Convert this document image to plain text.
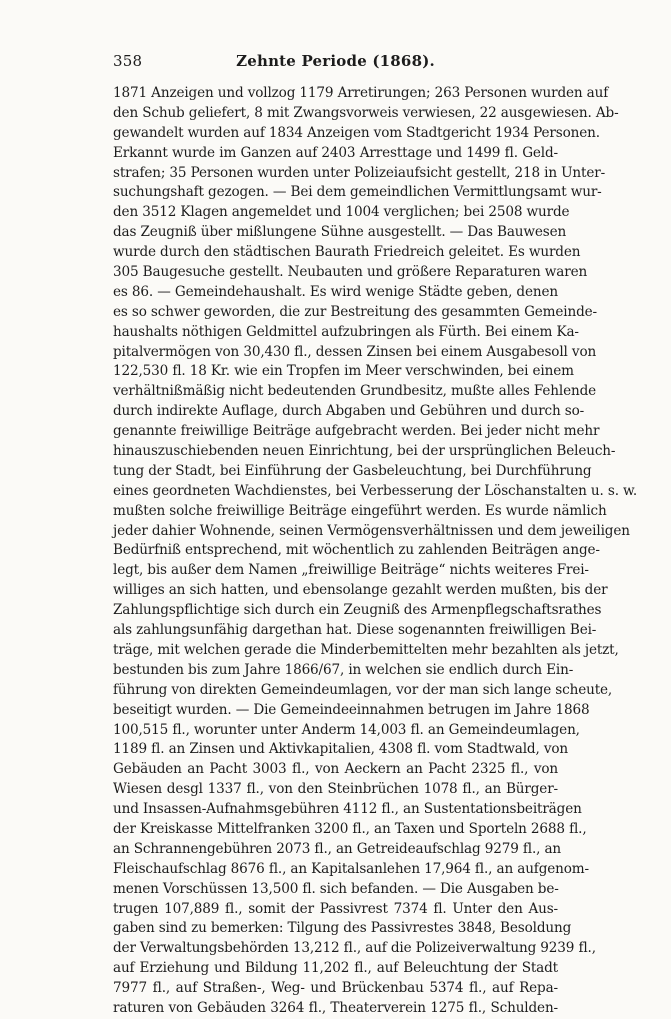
358	Zehnte Periode (1868).
1871 Anzeigen und vollzog 1179 Arretirungen; 263 Personen wurden auf
den Schub geliefert, 8 mit Zwangsvorweis verwiesen, 22 ausgewiesen. Ab-
gewandelt wurden auf 1834 Anzeigen vom Stadtgericht 1934 Personen.
Erkannt wurde im Ganzen auf 2403 Arresttage und 1499 fl. Geld-
strafen; 35 Personen wurden unter Polizeiaufsicht gestellt, 218 in Unter-
suchungshaft gezogen. — Bei dem gemeindlichen Vermittlungsamt wur-
den 3512 Klagen angemeldet und 1004 verglichen; bei 2508 wurde
das Zeugniß über mißlungene Sühne ausgestellt. — Das Bauwesen
wurde durch den städtischen Baurath Friedreich geleitet. Es wurden
305 Baugesuche gestellt. Neubauten und größere Reparaturen waren
es 86. — Gemeindehaushalt. Es wird wenige Städte geben, denen
es so schwer geworden, die zur Bestreitung des gesammten Gemeinde-
haushalts nöthigen Geldmittel aufzubringen als Fürth. Bei einem Ka-
pitalvermögen von 30,430 fl., dessen Zinsen bei einem Ausgabesoll von
122,530 fl. 18 Kr. wie ein Tropfen im Meer verschwinden, bei einem
verhältnißmäßig nicht bedeutenden Grundbesitz, mußte alles Fehlende
durch indirekte Auflage, durch Abgaben und Gebühren und durch so-
genannte freiwillige Beiträge aufgebracht werden. Bei jeder nicht mehr
hinauszuschiebenden neuen Einrichtung, bei der ursprünglichen Beleuch-
tung der Stadt, bei Einführung der Gasbeleuchtung, bei Durchführung
eines geordneten Wachdienstes, bei Verbesserung der Löschanstalten u. s. w.
mußten solche freiwillige Beiträge eingeführt werden. Es wurde nämlich
jeder dahier Wohnende, seinen Vermögensverhältnissen und dem jeweiligen
Bedürfniß entsprechend, mit wöchentlich zu zahlenden Beiträgen ange-
legt, bis außer dem Namen „freiwillige Beiträge“ nichts weiteres Frei-
williges an sich hatten, und ebensolange gezahlt werden mußten, bis der
Zahlungspflichtige sich durch ein Zeugniß des Armenpflegschaftsrathes
als zahlungsunfähig dargethan hat. Diese sogenannten freiwilligen Bei-
träge, mit welchen gerade die Minderbemittelten mehr bezahlten als jetzt,
bestunden bis zum Jahre 1866/67, in welchen sie endlich durch Ein-
führung von direkten Gemeindeumlagen, vor der man sich lange scheute,
beseitigt wurden. — Die Gemeindeeinnahmen betrugen im Jahre 1868
100,515 fl., worunter unter Anderm 14,003 fl. an Gemeindeumlagen,
1189 fl. an Zinsen und Aktivkapitalien, 4308 fl. vom Stadtwald, von
Gebäuden an Pacht 3003 fl., von Aeckern an Pacht 2325 fl., von
Wiesen desgl 1337 fl., von den Steinbrüchen 1078 fl., an Bürger-
und Insassen-Aufnahmsgebühren 4112 fl., an Sustentationsbeiträgen
der Kreiskasse Mittelfranken 3200 fl., an Taxen und Sporteln 2688 fl.,
an Schrannengebühren 2073 fl., an Getreideaufschlag 9279 fl., an
Fleischaufschlag 8676 fl., an Kapitalsanlehen 17,964 fl., an aufgenom-
menen Vorschüssen 13,500 fl. sich befanden. — Die Ausgaben be-
trugen 107,889 fl., somit der Passivrest 7374 fl. Unter den Aus-
gaben sind zu bemerken: Tilgung des Passivrestes 3848, Besoldung
der Verwaltungsbehörden 13,212 fl., auf die Polizeiverwaltung 9239 fl.,
auf Erziehung und Bildung 11,202 fl., auf Beleuchtung der Stadt
7977 fl., auf Straßen-, Weg- und Brückenbau 5374 fl., auf Repa-
raturen von Gebäuden 3264 fl., Theaterverein 1275 fl., Schulden-
